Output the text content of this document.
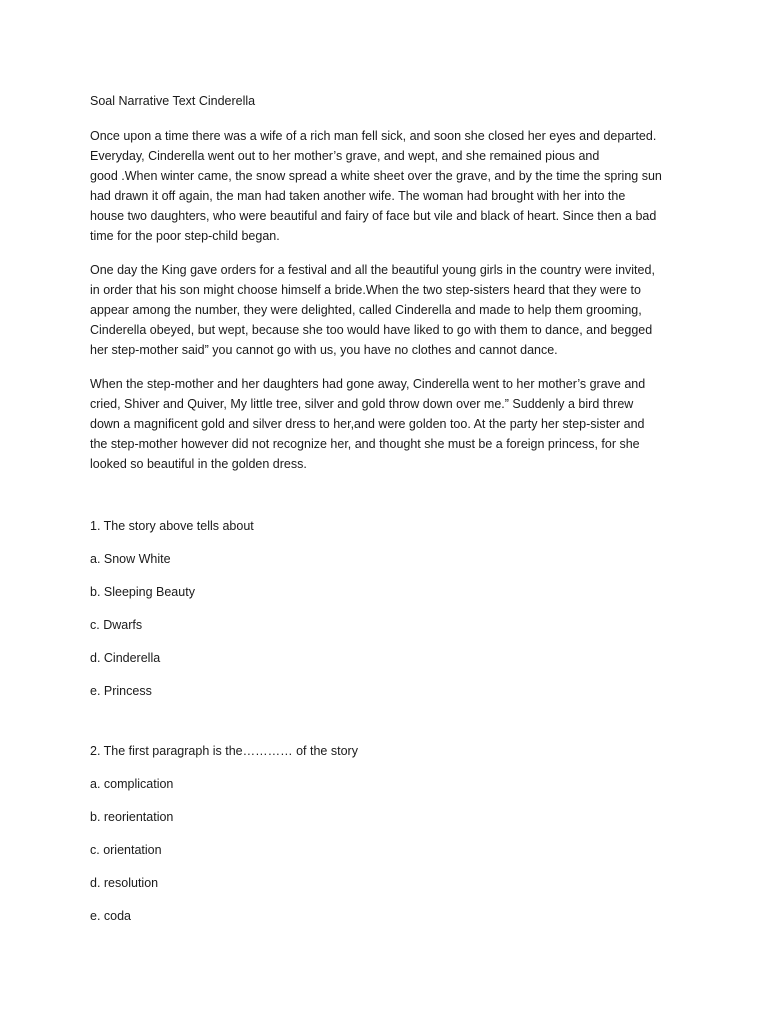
Soal Narrative Text Cinderella
Once upon a time there was a wife of a rich man fell sick, and soon she closed her eyes and departed.
Everyday, Cinderella went out to her mother’s grave, and wept, and she remained pious and
good .When winter came, the snow spread a white sheet over the grave, and by the time the spring sun
had drawn it off again, the man had taken another wife. The woman had brought with her into the
house two daughters, who were beautiful and fairy of face but vile and black of heart. Since then a bad
time for the poor step-child began.
One day the King gave orders for a festival and all the beautiful young girls in the country were invited,
in order that his son might choose himself a bride.When the two step-sisters heard that they were to
appear among the number, they were delighted, called Cinderella and made to help them grooming,
Cinderella obeyed, but wept, because she too would have liked to go with them to dance, and begged
her step-mother said” you cannot go with us, you have no clothes and cannot dance.
When the step-mother and her daughters had gone away, Cinderella went to her mother’s grave and
cried, Shiver and Quiver, My little tree, silver and gold throw down over me.” Suddenly a bird threw
down a magnificent gold and silver dress to her,and were golden too. At the party her step-sister and
the step-mother however did not recognize her, and thought she must be a foreign princess, for she
looked so beautiful in the golden dress.
1. The story above tells about
a. Snow White
b. Sleeping Beauty
c. Dwarfs
d. Cinderella
e. Princess
2. The first paragraph is the………… of the story
a. complication
b. reorientation
c. orientation
d. resolution
e. coda
